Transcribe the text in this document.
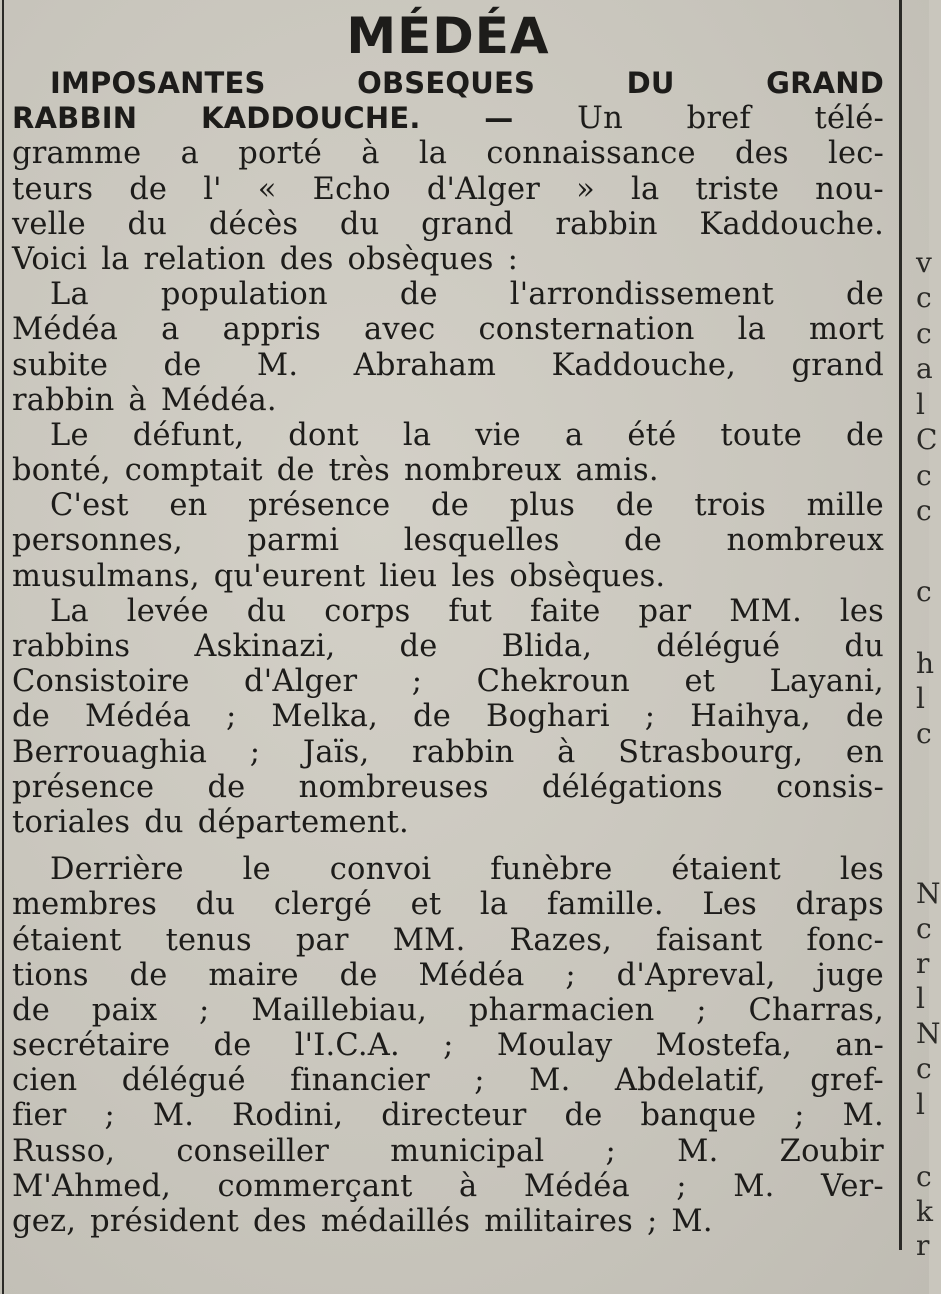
MÉDÉA
IMPOSANTES	OBSEQUES	DU	GRAND
RABBIN KADDOUCHE. — Un bref télé-
gramme a porté à la connaissance des lec-
teurs de l' « Echo d'Alger » la triste nou-
velle du décès du grand rabbin Kaddouche.
Voici la relation des obsèques :
La population de l'arrondissement de
Médéa a appris avec consternation la mort
subite de M. Abraham Kaddouche, grand
rabbin à Médéa.
Le défunt, dont la vie a été toute de
bonté, comptait de très nombreux amis.
C'est en présence de plus de trois mille
personnes, parmi lesquelles de nombreux
musulmans, qu'eurent lieu les obsèques.
La levée du corps fut faite par MM. les
rabbins Askinazi, de Blida, délégué du
Consistoire d'Alger ; Chekroun et Layani,
de Médéa ; Melka, de Boghari ; Haihya, de
Berrouaghia ; Jaïs, rabbin à Strasbourg, en
présence de nombreuses délégations consis-
toriales du département.
Derrière le convoi funèbre étaient les
membres du clergé et la famille. Les draps
étaient tenus par MM. Razes, faisant fonc-
tions de maire de Médéa ; d'Apreval, juge
de paix ; Maillebiau, pharmacien ; Charras,
secrétaire de l'I.C.A. ; Moulay Mostefa, an-
cien délégué financier ; M. Abdelatif, gref-
fier ; M. Rodini, directeur de banque ; M.
Russo, conseiller municipal ; M. Zoubir
M'Ahmed, commerçant à Médéa ; M. Ver-
gez, président des médaillés militaires ; M.
v
c
c
a
l
C
c
c
c
h
l
c
N
c
r
l
N
c
l
c
k
r
